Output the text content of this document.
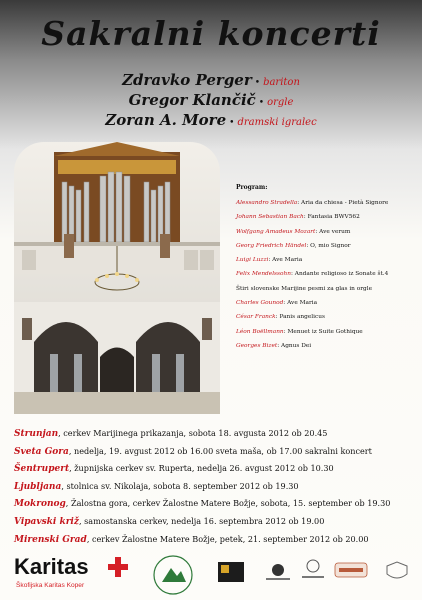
Sakralni koncerti
Zdravko Perger • bariton
Gregor Klančič • orgle
Zoran A. More • dramski igralec
Program:
Alessandro Stradella: Aria da chiesa - Pietà Signore
Johann Sebastian Bach: Fantasia BWV562
Wolfgang Amadeus Mozart: Ave verum
Georg Friedrich Händel: O, mio Signor
Luigi Luzzi: Ave Maria
Felix Mendelssohn: Andante religioso iz Sonate št.4
Štiri slovenske Marijine pesmi za glas in orgle
Charles Gounod: Ave Maria
César Franck: Panis angelicus
Léon Boëllmann: Menuet iz Suite Gothique
Georges Bizet: Agnus Dei
Strunjan, cerkev Marijinega prikazanja, sobota 18. avgusta 2012 ob 20.45
Sveta Gora, nedelja, 19. avgust 2012 ob 16.00 sveta maša, ob 17.00 sakralni koncert
Šentrupert, župnijska cerkev sv. Ruperta, nedelja 26. avgust 2012 ob 10.30
Ljubljana, stolnica sv. Nikolaja, sobota 8. september 2012 ob 19.30
Mokronog, Žalostna gora, cerkev Žalostne Matere Božje, sobota, 15. september ob 19.30
Vipavski križ, samostanska cerkev, nedelja 16. septembra 2012 ob 19.00
Mirenski Grad, cerkev Žalostne Matere Božje, petek, 21. september 2012 ob 20.00
Karitas
Škofijska Karitas Koper
